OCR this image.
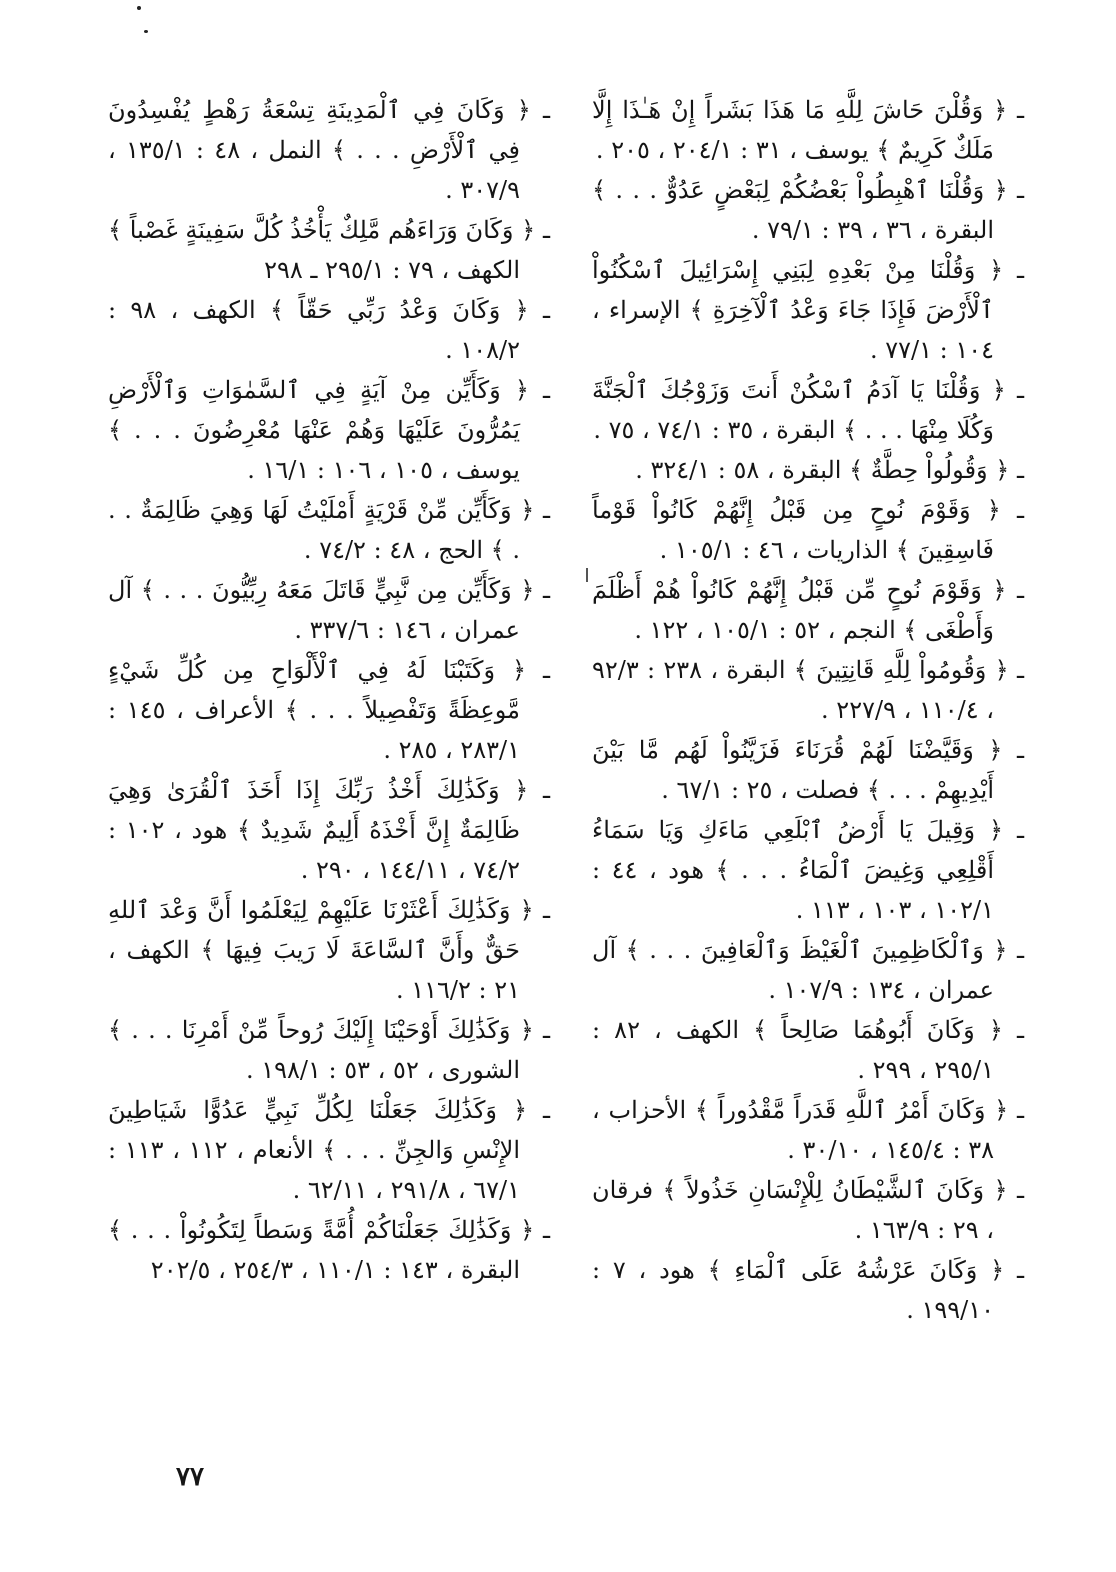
ـ ﴿ وَقُلْنَ حَاشَ لِلَّهِ مَا هَذَا بَشَراً إِنْ هَـٰذَا إِلَّا مَلَكٌ كَرِيمٌ ﴾ يوسف ، ٣١ : ٢٠٤/١ ، ٢٠٥ .

ـ ﴿ وَقُلْنَا ٱهْبِطُواْ بَعْضُكُمْ لِبَعْضٍ عَدُوٌّ . . . ﴾ البقرة ، ٣٦ ، ٣٩ : ٧٩/١ .

ـ ﴿ وَقُلْنَا مِنْ بَعْدِهِ لِبَنِي إِسْرَائِيلَ ٱسْكُنُواْ ٱلْأَرْضَ فَإِذَا جَاءَ وَعْدُ ٱلْآخِرَةِ ﴾ الإسراء ، ١٠٤ : ٧٧/١ .

ـ ﴿ وَقُلْنَا يَا آدَمُ ٱسْكُنْ أَنتَ وَزَوْجُكَ ٱلْجَنَّةَ وَكُلَا مِنْهَا . . . ﴾ البقرة ، ٣٥ : ٧٤/١ ، ٧٥ .

ـ ﴿ وَقُولُواْ حِطَّةٌ ﴾ البقرة ، ٥٨ : ٣٢٤/١ .

ـ ﴿ وَقَوْمَ نُوحٍ مِن قَبْلُ إِنَّهُمْ كَانُواْ قَوْماً فَاسِقِينَ ﴾ الذاريات ، ٤٦ : ١٠٥/١ .

ـ ﴿ وَقَوْمَ نُوحٍ مِّن قَبْلُ إِنَّهُمْ كَانُواْ هُمْ أَظْلَمَ وَأَطْغَى ﴾ النجم ، ٥٢ : ١٠٥/١ ، ١٢٢ .

ـ ﴿ وَقُومُواْ لِلَّهِ قَانِتِينَ ﴾ البقرة ، ٢٣٨ : ٩٢/٣ ، ١١٠/٤ ، ٢٢٧/٩ .

ـ ﴿ وَقَيَّضْنَا لَهُمْ قُرَنَاءَ فَزَيَّنُواْ لَهُم مَّا بَيْنَ أَيْدِيهِمْ . . . ﴾ فصلت ، ٢٥ : ٦٧/١ .

ـ ﴿ وَقِيلَ يَا أَرْضُ ٱبْلَعِي مَاءَكِ وَيَا سَمَاءُ أَقْلِعِي وَغِيضَ ٱلْمَاءُ . . . ﴾ هود ، ٤٤ : ١٠٢/١ ، ١٠٣ ، ١١٣ .

ـ ﴿ وَٱلْكَاظِمِينَ ٱلْغَيْظَ وَٱلْعَافِينَ . . . ﴾ آل عمران ، ١٣٤ : ١٠٧/٩ .

ـ ﴿ وَكَانَ أَبُوهُمَا صَالِحاً ﴾ الكهف ، ٨٢ : ٢٩٥/١ ، ٢٩٩ .

ـ ﴿ وَكَانَ أَمْرُ ٱللَّهِ قَدَراً مَّقْدُوراً ﴾ الأحزاب ، ٣٨ : ١٤٥/٤ ، ٣٠/١٠ .

ـ ﴿ وَكَانَ ٱلشَّيْطَانُ لِلْإِنْسَانِ خَذُولاً ﴾ فرقان ، ٢٩ : ١٦٣/٩ .

ـ ﴿ وَكَانَ عَرْشُهُ عَلَى ٱلْمَاءِ ﴾ هود ، ٧ : ١٩٩/١٠ .

ـ ﴿ وَكَانَ فِي ٱلْمَدِينَةِ تِسْعَةُ رَهْطٍ يُفْسِدُونَ فِي ٱلْأَرْضِ . . . ﴾ النمل ، ٤٨ : ١٣٥/١ ، ٣٠٧/٩ .

ـ ﴿ وَكَانَ وَرَاءَهُم مَّلِكٌ يَأْخُذُ كُلَّ سَفِينَةٍ غَصْباً ﴾ الكهف ، ٧٩ : ٢٩٥/١ ـ ٢٩٨

ـ ﴿ وَكَانَ وَعْدُ رَبِّي حَقّاً ﴾ الكهف ، ٩٨ : ١٠٨/٢ .

ـ ﴿ وَكَأَيِّن مِنْ آيَةٍ فِي ٱلسَّمٰوَاتِ وَٱلْأَرْضِ يَمُرُّونَ عَلَيْهَا وَهُمْ عَنْهَا مُعْرِضُونَ . . . ﴾ يوسف ، ١٠٥ ، ١٠٦ : ١٦/١ .

ـ ﴿ وَكَأَيِّن مِّنْ قَرْيَةٍ أَمْلَيْتُ لَهَا وَهِيَ ظَالِمَةٌ . . . ﴾ الحج ، ٤٨ : ٧٤/٢ .

ـ ﴿ وَكَأَيِّن مِن نَّبِيٍّ قَاتَلَ مَعَهُ رِبِّيُّونَ . . . ﴾ آل عمران ، ١٤٦ : ٣٣٧/٦ .

ـ ﴿ وَكَتَبْنَا لَهُ فِي ٱلْأَلْوَاحِ مِن كُلِّ شَيْءٍ مَّوعِظَةً وَتَفْصِيلاً . . . ﴾ الأعراف ، ١٤٥ : ٢٨٣/١ ، ٢٨٥ .

ـ ﴿ وَكَذَٰلِكَ أَخْذُ رَبِّكَ إِذَا أَخَذَ ٱلْقُرَىٰ وَهِيَ ظَالِمَةٌ إِنَّ أَخْذَهُ أَلِيمٌ شَدِيدٌ ﴾ هود ، ١٠٢ : ٧٤/٢ ، ١٤٤/١١ ، ٢٩٠ .

ـ ﴿ وَكَذَٰلِكَ أَعْثَرْنَا عَلَيْهِمْ لِيَعْلَمُوا أَنَّ وَعْدَ ٱللهِ حَقٌّ وأَنَّ ٱلسَّاعَةَ لَا رَيبَ فِيهَا ﴾ الكهف ، ٢١ : ١١٦/٢ .

ـ ﴿ وَكَذَٰلِكَ أَوْحَيْنَا إِلَيْكَ رُوحاً مِّنْ أَمْرِنَا . . . ﴾ الشورى ، ٥٢ ، ٥٣ : ١٩٨/١ .

ـ ﴿ وَكَذَٰلِكَ جَعَلْنَا لِكُلِّ نَبِيٍّ عَدُوًّا شَيَاطِينَ الإِنْسِ وَالجِنِّ . . . ﴾ الأنعام ، ١١٢ ، ١١٣ : ٦٧/١ ، ٢٩١/٨ ، ٦٢/١١ .

ـ ﴿ وَكَذَٰلِكَ جَعَلْنَاكُمْ أُمَّةً وَسَطاً لِتَكُونُواْ . . . ﴾ البقرة ، ١٤٣ : ١١٠/١ ، ٢٥٤/٣ ، ٢٠٢/٥

٧٧
